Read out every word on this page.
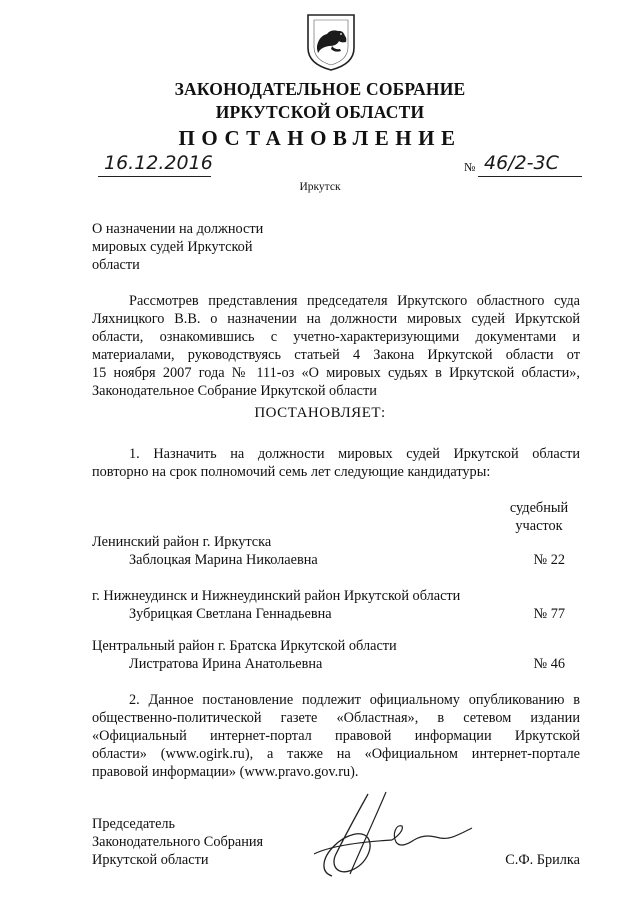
ЗАКОНОДАТЕЛЬНОЕ СОБРАНИЕ
ИРКУТСКОЙ ОБЛАСТИ
ПОСТАНОВЛЕНИЕ
16.12.2016	№ 46/2-3С
Иркутск
О назначении на должности
мировых судей Иркутской
области
Рассмотрев представления председателя Иркутского областного суда
Ляхницкого В.В. о назначении на должности мировых судей Иркутской
области, ознакомившись с учетно-характеризующими документами и
материалами, руководствуясь статьей 4 Закона Иркутской области от
15 ноября 2007 года № 111-оз «О мировых судьях в Иркутской области»,
Законодательное Собрание Иркутской области
ПОСТАНОВЛЯЕТ:
1. Назначить на должности мировых судей Иркутской области
повторно на срок полномочий семь лет следующие кандидатуры:
судебный
участок
Ленинский район г. Иркутска
Заблоцкая Марина Николаевна	№ 22
г. Нижнеудинск и Нижнеудинский район Иркутской области
Зубрицкая Светлана Геннадьевна	№ 77
Центральный район г. Братска Иркутской области
Листратова Ирина Анатольевна	№ 46
2. Данное постановление подлежит официальному опубликованию в
общественно-политической газете «Областная», в сетевом издании
«Официальный интернет-портал правовой информации Иркутской
области» (www.ogirk.ru), а также на «Официальном интернет-портале
правовой информации» (www.pravo.gov.ru).
Председатель
Законодательного Собрания
Иркутской области	С.Ф. Брилка
